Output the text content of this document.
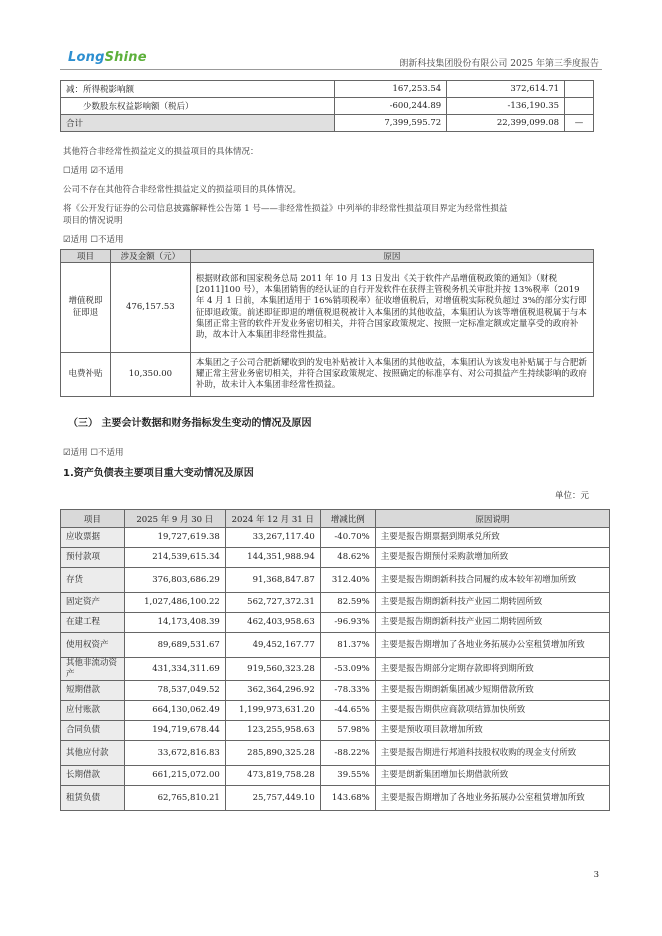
LongShine	朗新科技集团股份有限公司 2025 年第三季度报告
减：所得税影响额	167,253.54	372,614.71	
少数股东权益影响额（税后）	-600,244.89	-136,190.35	
合计	7,399,595.72	22,399,099.08	—
其他符合非经常性损益定义的损益项目的具体情况：
☐适用 ☑不适用
公司不存在其他符合非经常性损益定义的损益项目的具体情况。
将《公开发行证券的公司信息披露解释性公告第 1 号——非经常性损益》中列举的非经常性损益项目界定为经常性损益
项目的情况说明
☑适用 ☐不适用
项目	涉及金额（元）	原因
增值税即征即退	476,157.53	根据财政部和国家税务总局 2011 年 10 月 13 日发出《关于软件产品增值税政策的通知》（财税[2011]100 号），本集团销售的经认证的自行开发软件在获得主管税务机关审批并按 13%税率（2019 年 4 月 1 日前，本集团适用于 16%销项税率）征收增值税后，对增值税实际税负超过 3%的部分实行即征即退政策。前述即征即退的增值税退税被计入本集团的其他收益，本集团认为该等增值税退税属于与本集团正常主营的软件开发业务密切相关，并符合国家政策规定、按照一定标准定额或定量享受的政府补助，故本计入本集团非经常性损益。
电费补贴	10,350.00	本集团之子公司合肥新耀收到的发电补贴被计入本集团的其他收益，本集团认为该发电补贴属于与合肥新耀正常主营业务密切相关，并符合国家政策规定、按照确定的标准享有、对公司损益产生持续影响的政府补助，故未计入本集团非经常性损益。
（三） 主要会计数据和财务指标发生变动的情况及原因
☑适用 ☐不适用
1.资产负债表主要项目重大变动情况及原因
单位：元
项目	2025 年 9 月 30 日	2024 年 12 月 31 日	增减比例	原因说明
应收票据	19,727,619.38	33,267,117.40	-40.70%	主要是报告期票据到期承兑所致
预付款项	214,539,615.34	144,351,988.94	48.62%	主要是报告期预付采购款增加所致
存货	376,803,686.29	91,368,847.87	312.40%	主要是报告期朗新科技合同履约成本较年初增加所致
固定资产	1,027,486,100.22	562,727,372.31	82.59%	主要是报告期朗新科技产业园二期转固所致
在建工程	14,173,408.39	462,403,958.63	-96.93%	主要是报告期朗新科技产业园二期转固所致
使用权资产	89,689,531.67	49,452,167.77	81.37%	主要是报告期增加了各地业务拓展办公室租赁增加所致
其他非流动资产	431,334,311.69	919,560,323.28	-53.09%	主要是报告期部分定期存款即将到期所致
短期借款	78,537,049.52	362,364,296.92	-78.33%	主要是报告期朗新集团减少短期借款所致
应付账款	664,130,062.49	1,199,973,631.20	-44.65%	主要是报告期供应商款项结算加快所致
合同负债	194,719,678.44	123,255,958.63	57.98%	主要是预收项目款增加所致
其他应付款	33,672,816.83	285,890,325.28	-88.22%	主要是报告期进行邦道科技股权收购的现金支付所致
长期借款	661,215,072.00	473,819,758.28	39.55%	主要是朗新集团增加长期借款所致
租赁负债	62,765,810.21	25,757,449.10	143.68%	主要是报告期增加了各地业务拓展办公室租赁增加所致
3
